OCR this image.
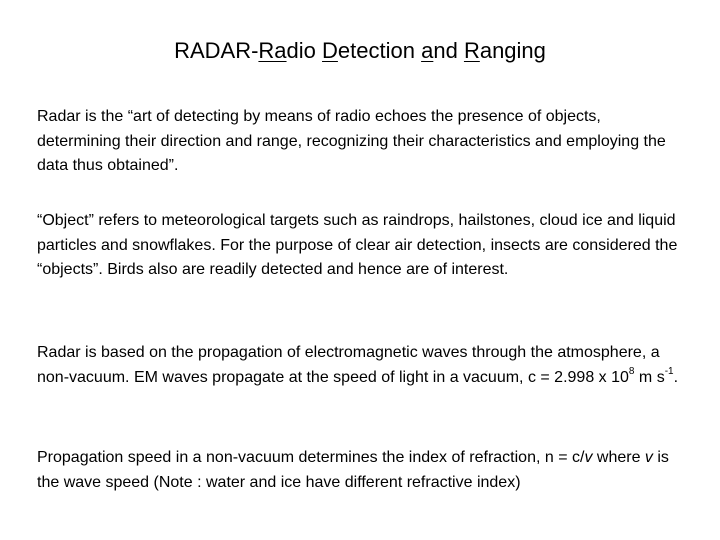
RADAR-Radio Detection and Ranging

Radar is the “art of detecting by means of radio echoes the presence of objects, determining their direction and range, recognizing their characteristics and employing the data thus obtained”.

“Object” refers to meteorological targets such as raindrops, hailstones, cloud ice and liquid particles and snowflakes. For the purpose of clear air detection, insects are considered the “objects”. Birds also are readily detected and hence are of interest.

Radar is based on the propagation of electromagnetic waves through the atmosphere, a non-vacuum. EM waves propagate at the speed of light in a vacuum, c = 2.998 x $10^8$ m $s^{-1}$.

Propagation speed in a non-vacuum determines the index of refraction, n = c/v where v is the wave speed (Note : water and ice have different refractive index)
